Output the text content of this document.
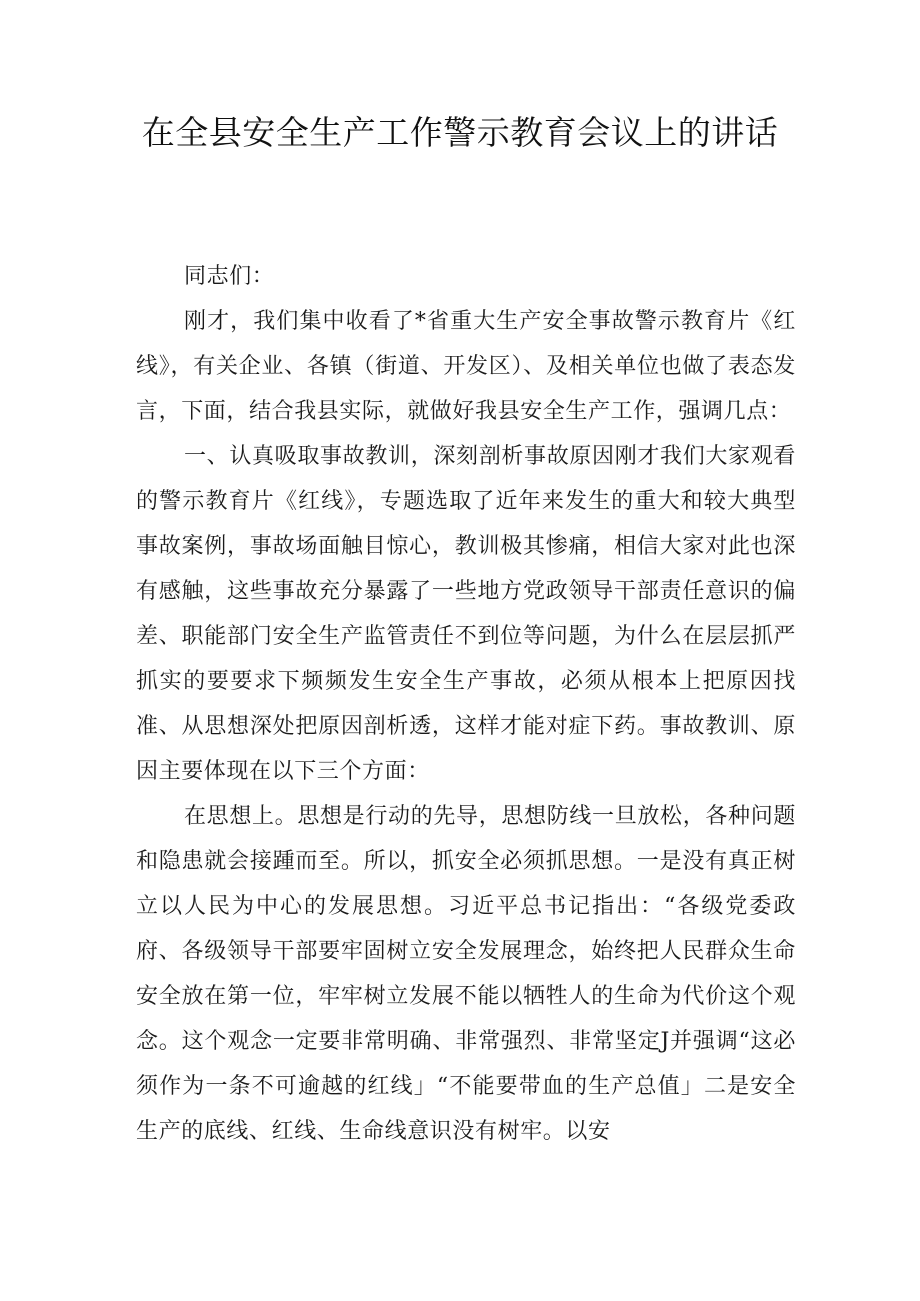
在全县安全生产工作警示教育会议上的讲话

同志们：

刚才，我们集中收看了*省重大生产安全事故警示教育片《红线》，有关企业、各镇（街道、开发区）、及相关单位也做了表态发言，下面，结合我县实际，就做好我县安全生产工作，强调几点：

一、认真吸取事故教训，深刻剖析事故原因刚才我们大家观看的警示教育片《红线》，专题选取了近年来发生的重大和较大典型事故案例，事故场面触目惊心，教训极其惨痛，相信大家对此也深有感触，这些事故充分暴露了一些地方党政领导干部责任意识的偏差、职能部门安全生产监管责任不到位等问题，为什么在层层抓严抓实的要要求下频频发生安全生产事故，必须从根本上把原因找准、从思想深处把原因剖析透，这样才能对症下药。事故教训、原因主要体现在以下三个方面：

在思想上。思想是行动的先导，思想防线一旦放松，各种问题和隐患就会接踵而至。所以，抓安全必须抓思想。一是没有真正树立以人民为中心的发展思想。习近平总书记指出：“各级党委政府、各级领导干部要牢固树立安全发展理念，始终把人民群众生命安全放在第一位，牢牢树立发展不能以牺牲人的生命为代价这个观念。这个观念一定要非常明确、非常强烈、非常坚定J并强调“这必须作为一条不可逾越的红线」“不能要带血的生产总值」二是安全生产的底线、红线、生命线意识没有树牢。以安
